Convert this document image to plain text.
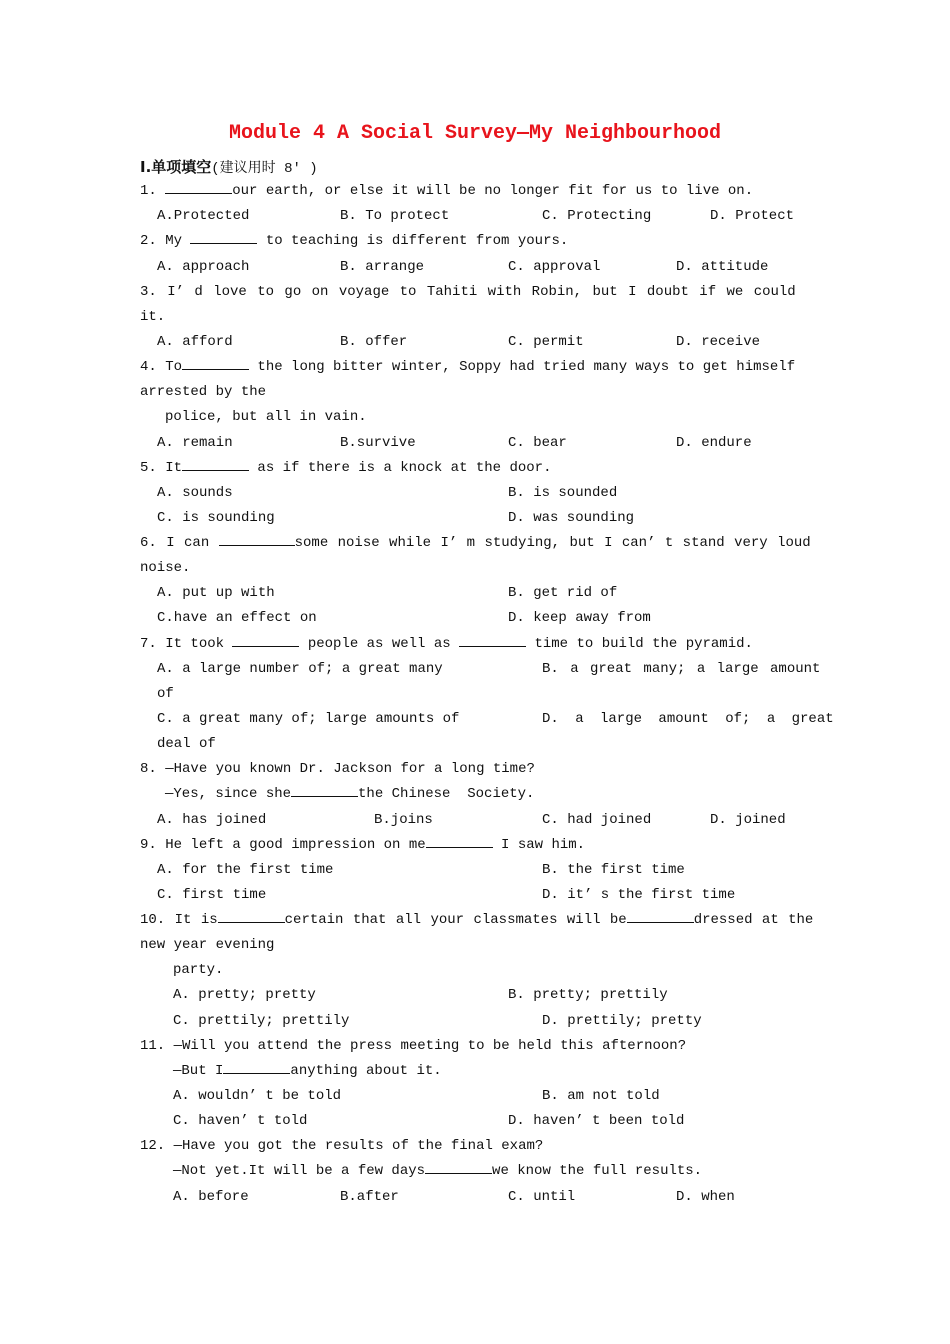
Module 4 A Social Survey—My Neighbourhood
Ⅰ.单项填空(建议用时 8′ )
1.	our earth, or else it will be no longer fit for us to live on.
A.Protected	B. To protect	C. Protecting	D. Protect
2. My	to teaching is different from yours.
A. approach	B. arrange	C. approval	D. attitude
3. I’ d love to go on voyage to Tahiti with Robin, but I doubt if we could
it.
A. afford	B. offer	C. permit	D. receive
4. To	the long bitter winter, Soppy had tried many ways to get himself
arrested by the
police, but all in vain.
A. remain	B.survive	C. bear	D. endure
5. It	as if there is a knock at the door.
A. sounds	B. is sounded
C. is sounding	D. was sounding
6. I can	some noise while I’ m studying, but I can’ t stand very loud
noise.
A. put up with	B. get rid of
C.have an effect on	D. keep away from
7. It took	people as well as	time to build the pyramid.
A. a large number of; a great many	B. a great many; a large amount
of
C. a great many of; large amounts of	D. a large amount of; a great
deal of
8. —Have you known Dr. Jackson for a long time?
—Yes, since she	the Chinese  Society.
A. has joined	B.joins	C. had joined	D. joined
9. He left a good impression on me	I saw him.
A. for the first time	B. the first time
C. first time	D. it’ s the first time
10. It is	certain that all your classmates will be	dressed at the
new year evening
party.
A. pretty; pretty	B. pretty; prettily
C. prettily; prettily	D. prettily; pretty
11. —Will you attend the press meeting to be held this afternoon?
—But I	anything about it.
A. wouldn’ t be told	B. am not told
C. haven’ t told	D. haven’ t been told
12. —Have you got the results of the final exam?
—Not yet.It will be a few days	we know the full results.
A. before	B.after	C. until	D. when
